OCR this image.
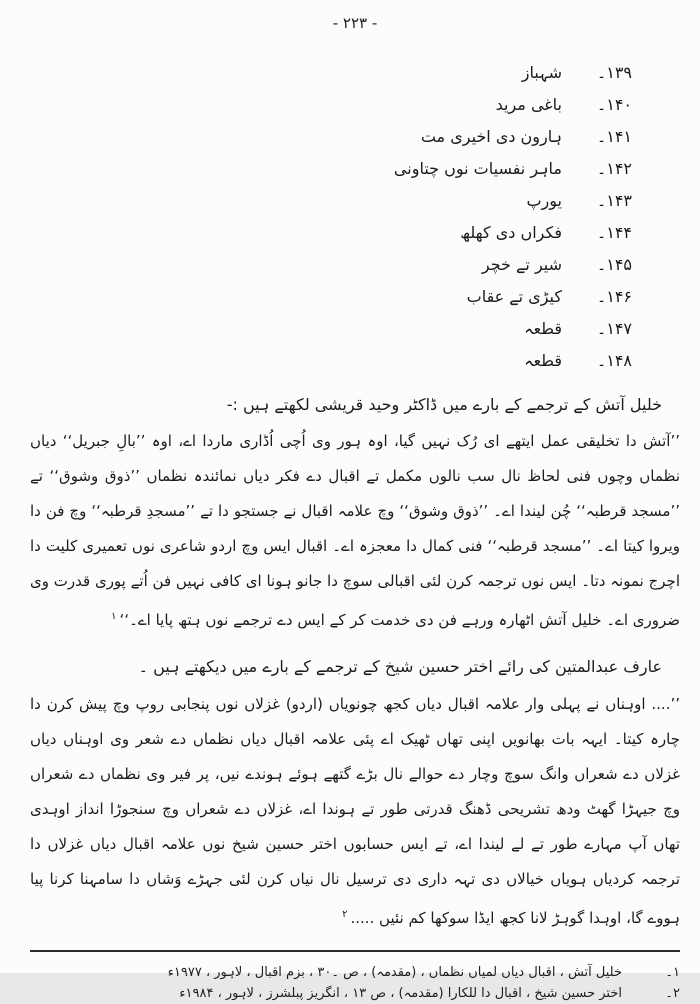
- ۲۲۳ -
۱۳۹۔
شہباز
۱۴۰۔
باغی مرید
۱۴۱۔
ہارون دی اخیری مت
۱۴۲۔
ماہر نفسیات نوں چتاونی
۱۴۳۔
یورپ
۱۴۴۔
فکراں دی کھلھ
۱۴۵۔
شیر تے خچر
۱۴۶۔
کیڑی تے عقاب
۱۴۷۔
قطعہ
۱۴۸۔
قطعہ
خلیل آتش کے ترجمے کے بارے میں ڈاکٹر وحید قریشی لکھتے ہیں :-

’’آتش دا تخلیقی عمل ایتھے ای رُک نہیں گیا، اوہ ہور وی اُچی اُڈاری ماردا اے، اوہ ’’بالِ جبریل‘‘ دیاں نظماں وچوں فنی لحاظ نال سب نالوں مکمل تے اقبال دے فکر دیاں نمائندہ نظماں ’’ذوق وشوق‘‘ تے ’’مسجد قرطبہ‘‘ چُن لیندا اے۔ ’’ذوق وشوق‘‘ وچ علامہ اقبال نے جستجو دا تے ’’مسجدِ قرطبہ‘‘ وچ فن دا ویروا کیتا اے۔ ’’مسجد قرطبہ‘‘ فنی کمال دا معجزہ اے۔ اقبال ایس وچ اردو شاعری نوں تعمیری کلیت دا اچرج نمونہ دتا۔ ایس نوں ترجمہ کرن لئی اقبالی سوچ دا جانو ہونا ای کافی نہیں فن اُتے پوری قدرت وی ضروری اے۔ خلیل آتش اٹھارہ ورہے فن دی خدمت کر کے ایس دے ترجمے نوں ہتھ پایا اے۔‘‘$^۱$

عارف عبدالمتین کی رائے اختر حسین شیخ کے ترجمے کے بارے میں دیکھتے ہیں ۔

’’.... اوہناں نے پہلی وار علامہ اقبال دیاں کجھ چونویاں (اردو) غزلاں نوں پنجابی روپ وچ پیش کرن دا چارہ کیتا۔ ایہہ بات بھانویں اپنی تھاں ٹھیک اے پئی علامہ اقبال دیاں نظماں دے شعر وی اوہناں دیاں غزلاں دے شعراں وانگ سوچ وچار دے حوالے نال بڑے گتھے ہوئے ہوندے نیں، پر فیر وی نظماں دے شعراں وچ جیہڑا گھٹ ودھ تشریحی ڈھنگ قدرتی طور تے ہوندا اے، غزلاں دے شعراں وچ سنجوڑا انداز اوہدی تھاں آپ مہارے طور تے لے لیندا اے، تے ایس حسابوں اختر حسین شیخ نوں علامہ اقبال دیاں غزلاں دا ترجمہ کردیاں ہویاں خیالاں دی تہہ داری دی ترسیل نال نیاں کرن لئی جہڑے وَشاں دا سامہنا کرنا پیا ہووے گا، اوہدا گوہڑ لانا کجھ ایڈا سوکھا کم نئیں .....$^۲$

۱۔
خلیل آتش ، اقبال دیاں لمیاں نظماں ، (مقدمہ) ، ص ۔۳۰ ، بزم اقبال ، لاہور ، ۱۹۷۷ء
۲۔
اختر حسین شیخ ، اقبال دا للکارا (مقدمہ) ، ص ۱۳ ، انگریز پبلشرز ، لاہور ، ۱۹۸۴ء
